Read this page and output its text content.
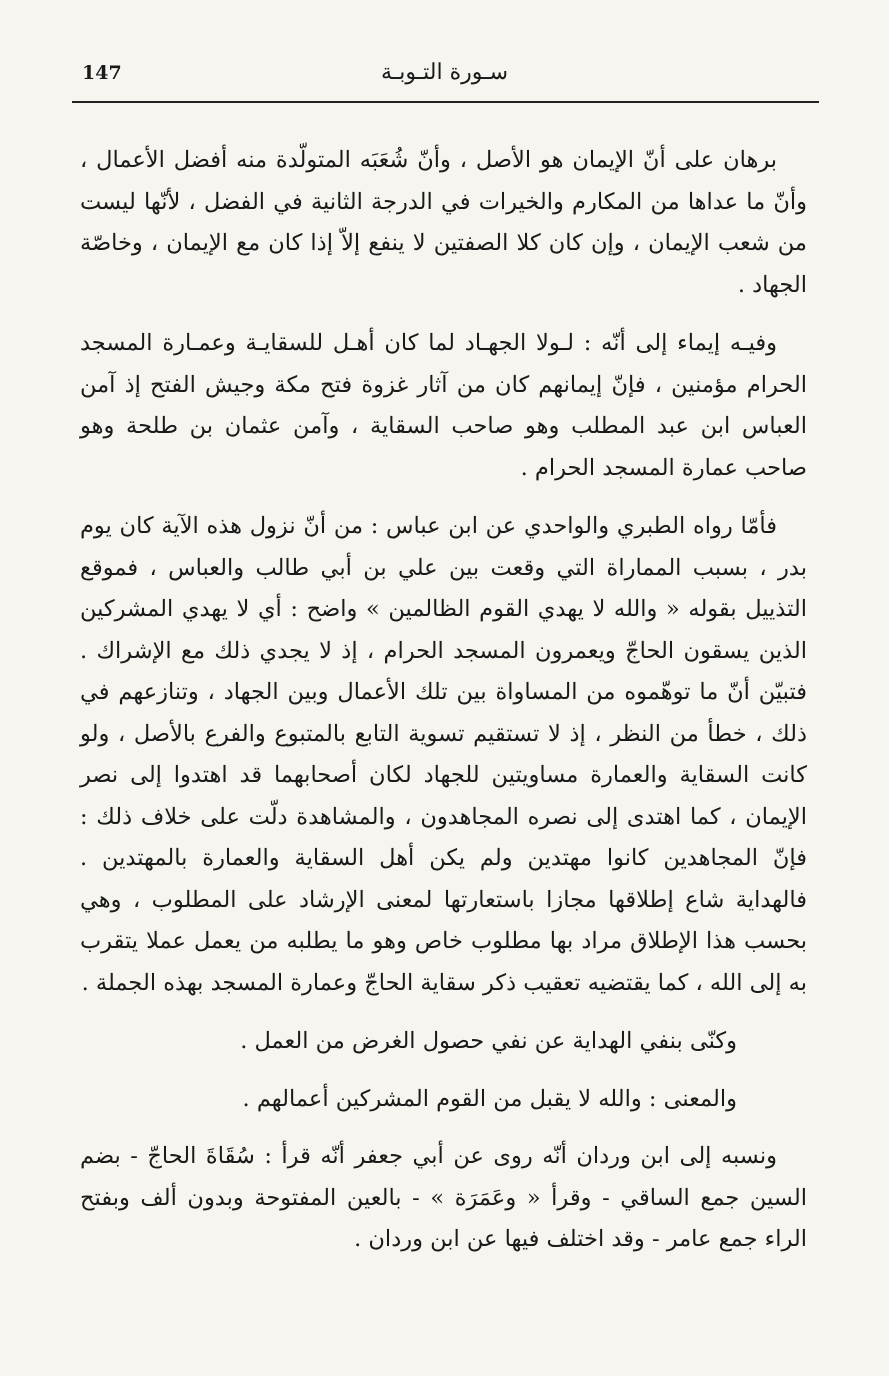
147	سـورة التـوبـة

برهان على أنّ الإيمان هو الأصل ، وأنّ شُعَبَه المتولّدة منه أفضل الأعمال ، وأنّ ما عداها من المكارم والخيرات في الدرجة الثانية في الفضل ، لأنّها ليست من شعب الإيمان ، وإن كان كلا الصفتين لا ينفع إلاّ إذا كان مع الإيمان ، وخاصّة الجهاد .

وفيـه إيماء إلى أنّه : لـولا الجهـاد لما كان أهـل للسقايـة وعمـارة المسجد الحرام مؤمنين ، فإنّ إيمانهم كان من آثار غزوة فتح مكة وجيش الفتح إذ آمن العباس ابن عبد المطلب وهو صاحب السقاية ، وآمن عثمان بن طلحة وهو صاحب عمارة المسجد الحرام .

فأمّا رواه الطبري والواحدي عن ابن عباس : من أنّ نزول هذه الآية كان يوم بدر ، بسبب المماراة التي وقعت بين علي بن أبي طالب والعباس ، فموقع التذييل بقوله « والله لا يهدي القوم الظالمين » واضح : أي لا يهدي المشركين الذين يسقون الحاجّ ويعمرون المسجد الحرام ، إذ لا يجدي ذلك مع الإشراك . فتبيّن أنّ ما توهّموه من المساواة بين تلك الأعمال وبين الجهاد ، وتنازعهم في ذلك ، خطأ من النظر ، إذ لا تستقيم تسوية التابع بالمتبوع والفرع بالأصل ، ولو كانت السقاية والعمارة مساويتين للجهاد لكان أصحابهما قد اهتدوا إلى نصر الإيمان ، كما اهتدى إلى نصره المجاهدون ، والمشاهدة دلّت على خلاف ذلك : فإنّ المجاهدين كانوا مهتدين ولم يكن أهل السقاية والعمارة بالمهتدين . فالهداية شاع إطلاقها مجازا باستعارتها لمعنى الإرشاد على المطلوب ، وهي بحسب هذا الإطلاق مراد بها مطلوب خاص وهو ما يطلبه من يعمل عملا يتقرب به إلى الله ، كما يقتضيه تعقيب ذكر سقاية الحاجّ وعمارة المسجد بهذه الجملة .

وكنّى بنفي الهداية عن نفي حصول الغرض من العمل .

والمعنى : والله لا يقبل من القوم المشركين أعمالهم .

ونسبه إلى ابن وردان أنّه روى عن أبي جعفر أنّه قرأ : سُقَاةَ الحاجّ - بضم السين جمع الساقي - وقرأ « وعَمَرَة » - بالعين المفتوحة وبدون ألف وبفتح الراء جمع عامر - وقد اختلف فيها عن ابن وردان .
